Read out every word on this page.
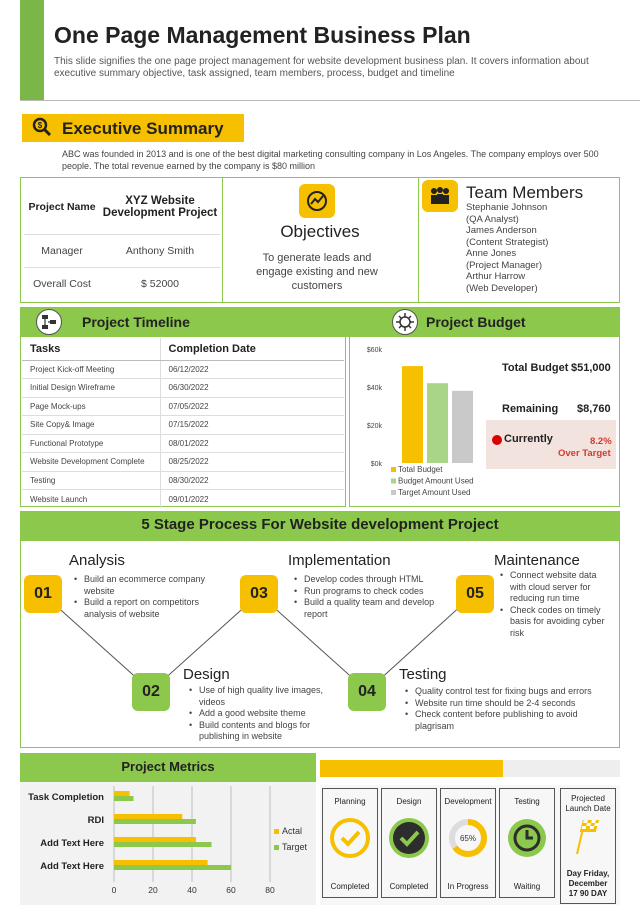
One Page Management Business Plan
This slide signifies the one page project management for website development business plan. It covers information about executive summary objective, task assigned, team members, process, budget and timeline
$ Executive Summary
ABC was founded in 2013 and is one of the best digital marketing consulting company in Los Angeles. The company employs over 500 people. The total revenue earned by the company is $80 million
Project Name	XYZ Website Development Project
Manager	Anthony Smith
Overall Cost	$ 52000
Objectives
To generate leads and engage existing and new customers
Team Members
Stephanie Johnson
(QA Analyst)
James Anderson
(Content Strategist)
Anne Jones
(Project Manager)
Arthur Harrow
(Web Developer)
Project Timeline	Project Budget
Tasks	Completion Date
Project Kick-off Meeting	06/12/2022
Initial Design Wireframe	06/30/2022
Page Mock-ups	07/05/2022
Site Copy& Image	07/15/2022
Functional Prototype	08/01/2022
Website Development Complete	08/25/2022
Testing	08/30/2022
Website Launch	09/01/2022
$0k
$20k
$40k
$60k
Total Budget
Budget Amount Used
Target Amount Used
Total Budget $51,000
Remaining $8,760
Currently	8.2%
Over Target
5 Stage Process For Website development Project
01
Analysis
• Build an ecommerce company website
• Build a report on competitors analysis of website
03
Implementation
• Develop codes through HTML
• Run programs to check codes
• Build a quality team and develop report
05
Maintenance
• Connect website data with cloud server for reducing run time
• Check codes on timely basis for avoiding cyber risk
02
Design
• Use of high quality live images, videos
• Add a good website theme
• Build contents and blogs for publishing in website
04
Testing
• Quality control test for fixing bugs and errors
• Website run time should be 2-4 seconds
• Check content before publishing to avoid plagrisam
Project Metrics
0	20	40	60	80
Task Completion
RDI
Add Text Here
Add Text Here
Actal
Target
Planning
Completed
Design
Completed
Development
65%
In Progress
Testing
Waiting
Projected Launch Date
Day Friday, December 17 90 DAY
